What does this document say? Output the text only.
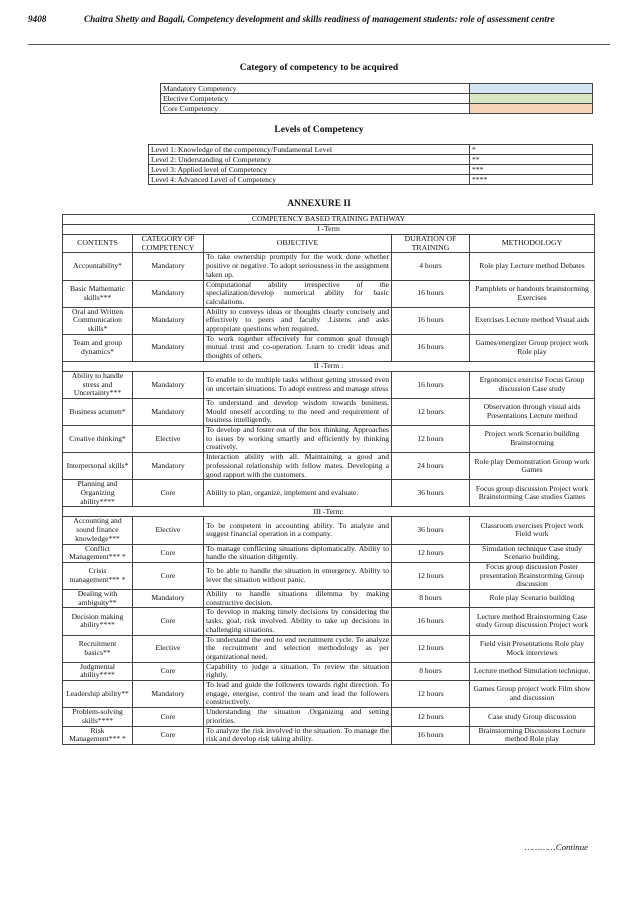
9408	Chaitra Shetty and Bagali, Competency development and skills readiness of management students: role of assessment centre
Category of competency to be acquired
Mandatory Competency	
Elective Competency	
Core Competency	
Levels of Competency
Level 1: Knowledge of the competency/Fundamental Level	*
Level 2: Understanding of Competency	**
Level 3: Applied level of Competency	***
Level 4: Advanced Level of Competency	****
ANNEXURE II
COMPETENCY BASED TRAINING PATHWAY				
I -Term				
CONTENTS	CATEGORY OF COMPETENCY	OBJECTIVE	DURATION OF TRAINING	METHODOLOGY
Accountability*	Mandatory	To take ownership promptly for the work done whether positive or negative. To adopt seriousness in the assignment taken up.	4 hours	Role play Lecture method Debates
Basic Mathematic skills***	Mandatory	Computational ability irrespective of the specialization/develop numerical ability for basic calculations.	16 hours	Pamphlets or handouts brainstorming Exercises
Oral and Written Communication skills*	Mandatory	Ability to conveys ideas or thoughts clearly concisely and effectively to peers and faculty .Listens and asks appropriate questions when required.	16 hours	Exercises Lecture method Visual aids
Team and group dynamics*	Mandatory	To work together effectively for common goal through mutual trust and co-operation. Learn to credit ideas and thoughts of others.	16 hours	Games/energizer Group project work Role play
II -Term :				
Ability to handle stress and Uncertainty***	Mandatory	To enable to do multiple tasks without getting stressed even on uncertain situations. To adopt eustress and manage stress	16 hours	Ergonomics exercise Focus Group discussion Case study
Business acumen*	Mandatory	To understand and develop wisdom towards business. Mould oneself according to the need and requirement of business intelligently.	12 hours	Observation through visual aids Presentations Lecture method
Creative thinking*	Elective	To develop and foster out of the box thinking. Approaches to issues by working smartly and efficiently by thinking creatively.	12 hours	Project work Scenario building Brainstorming
Interpersonal skills*	Mandatory	Interaction ability with all. Maintaining a good and professional relationship with fellow mates. Developing a good rapport with the customers.	24 hours	Role play Demonstration Group work Games
Planning and Organizing ability****	Core	Ability to plan, organize, implement and evaluate.	36 hours	Focus group discussion Project work Brainstorming Case studies Games
III -Term:				
Accounting and sound finance knowledge***	Elective	To be competent in accounting ability. To analyze and suggest financial operation in a company.	36 hours	Classroom exercises Project work Field work
Conflict Management*** *	Core	To manage conflicting situations diplomatically. Ability to handle the situation diligently.	12 hours	Simulation technique Case study Scenario building,
Crisis management*** *	Core	To be able to handle the situation in emergency. Ability to lever the situation without panic.	12 hours	Focus group discussion Poster presentation Brainstorming Group discussion
Dealing with ambiguity**	Mandatory	Ability to handle situations dilemma by making constructive decision.	8 hours	Role play Scenario building
Decision making ability****	Core	To develop in making timely decisions by considering the tasks, goal, risk involved. Ability to take up decisions in challenging situations.	16 hours	Lecture method Brainstorming Case study Group discussion Project work
Recruitment basics**	Elective	To understand the end to end recruitment cycle. To analyze the recruitment and selection methodology as per organizational need.	12 hours	Field visit Presentations Role play Mock interviews
Judgmental ability****	Core	Capability to judge a situation. To review the situation rightly.	8 hours	Lecture method Simulation technique.
Leadership ability**	Mandatory	To lead and guide the followers towards right direction. To engage, energise, control the team and lead the followers constructively.	12 hours	Games Group project work Film show and discussion
Problem-solving skills****	Core	Understanding the situation .Organizing and setting priorities.	12 hours	Case study Group discussion
Risk Management*** *	Core	To analyze the risk involved in the situation. To manage the risk and develop risk taking ability.	16 hours	Brainstorming Discussions Lecture method Role play
…………Continue
